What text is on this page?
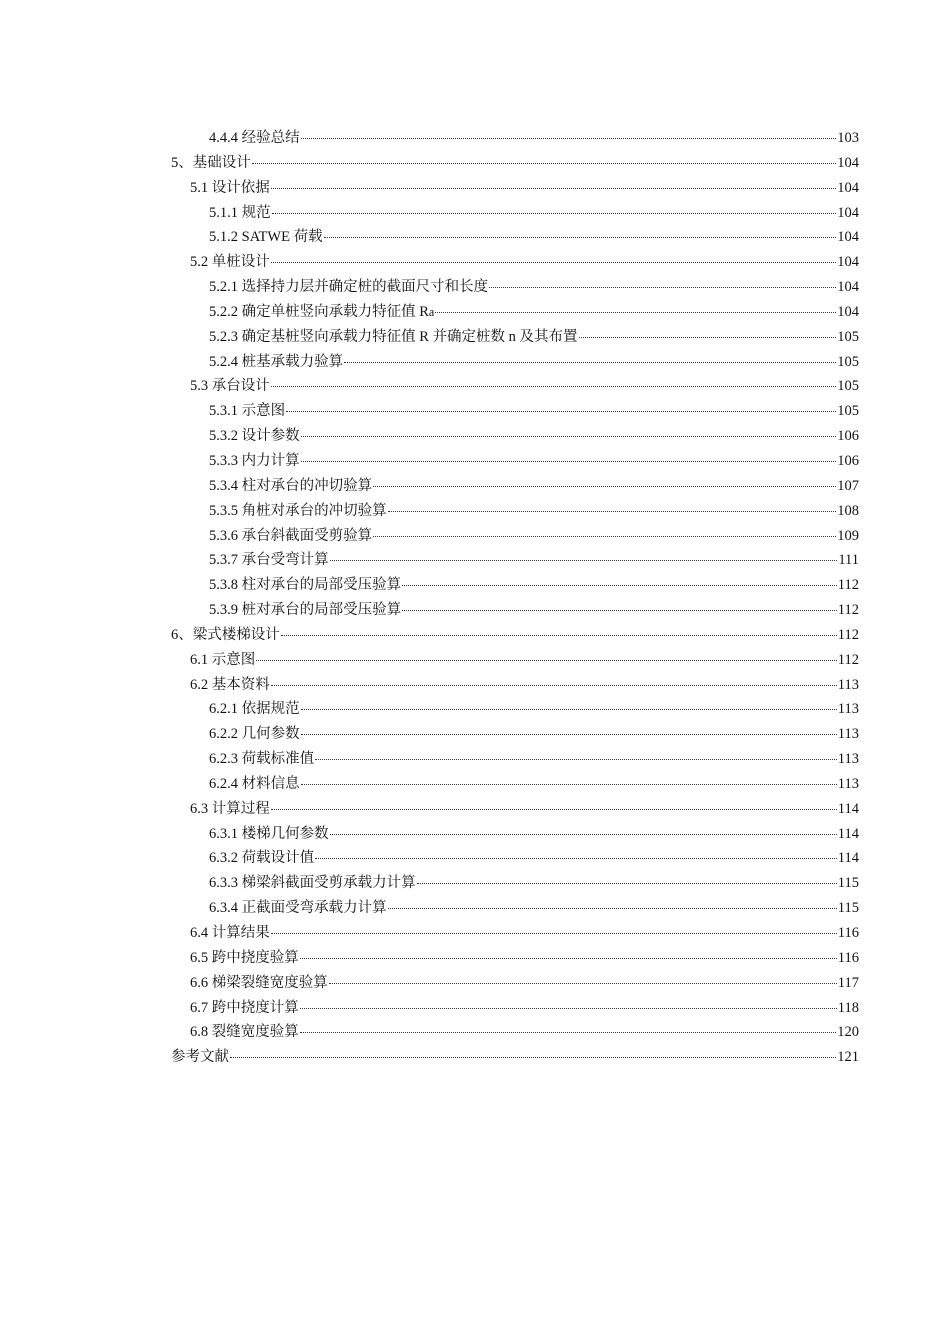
4.4.4 经验总结	103
5、基础设计	104
5.1 设计依据	104
5.1.1 规范	104
5.1.2 SATWE 荷载	104
5.2 单桩设计	104
5.2.1 选择持力层并确定桩的截面尺寸和长度	104
5.2.2 确定单桩竖向承载力特征值 R a	104
5.2.3 确定基桩竖向承载力特征值 R 并确定桩数 n 及其布置	105
5.2.4 桩基承载力验算	105
5.3 承台设计	105
5.3.1 示意图	105
5.3.2 设计参数	106
5.3.3 内力计算	106
5.3.4 柱对承台的冲切验算	107
5.3.5 角桩对承台的冲切验算	108
5.3.6 承台斜截面受剪验算	109
5.3.7 承台受弯计算	111
5.3.8 柱对承台的局部受压验算	112
5.3.9 桩对承台的局部受压验算	112
6、梁式楼梯设计	112
6.1 示意图	112
6.2 基本资料	113
6.2.1 依据规范	113
6.2.2 几何参数	113
6.2.3 荷载标准值	113
6.2.4 材料信息	113
6.3 计算过程	114
6.3.1 楼梯几何参数	114
6.3.2 荷载设计值	114
6.3.3 梯梁斜截面受剪承载力计算	115
6.3.4 正截面受弯承载力计算	115
6.4 计算结果	116
6.5 跨中挠度验算	116
6.6 梯梁裂缝宽度验算	117
6.7 跨中挠度计算	118
6.8 裂缝宽度验算	120
参考文献	121
